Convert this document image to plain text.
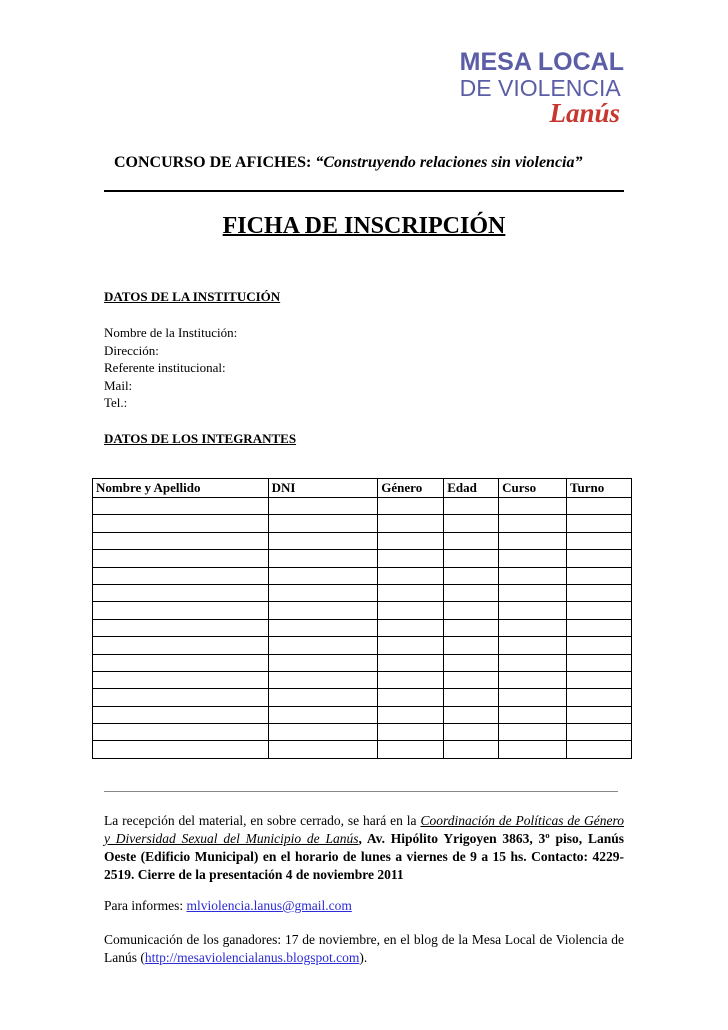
MESA LOCAL
DE VIOLENCIA
Lanús
CONCURSO DE AFICHES: “Construyendo relaciones sin violencia”
FICHA DE INSCRIPCIÓN
DATOS DE LA INSTITUCIÓN
Nombre de la Institución:
Dirección:
Referente institucional:
Mail:
Tel.:
DATOS DE LOS INTEGRANTES
Nombre y Apellido	DNI	Género	Edad	Curso	Turno

La recepción del material, en sobre cerrado, se hará en la Coordinación de Políticas de Género y Diversidad Sexual del Municipio de Lanús, Av. Hipólito Yrigoyen 3863, 3º piso, Lanús Oeste (Edificio Municipal) en el horario de lunes a viernes de 9 a 15 hs. Contacto: 4229-2519. Cierre de la presentación 4 de noviembre 2011
Para informes: mlviolencia.lanus@gmail.com
Comunicación de los ganadores: 17 de noviembre, en el blog de la Mesa Local de Violencia de Lanús (http://mesaviolencialanus.blogspot.com).
